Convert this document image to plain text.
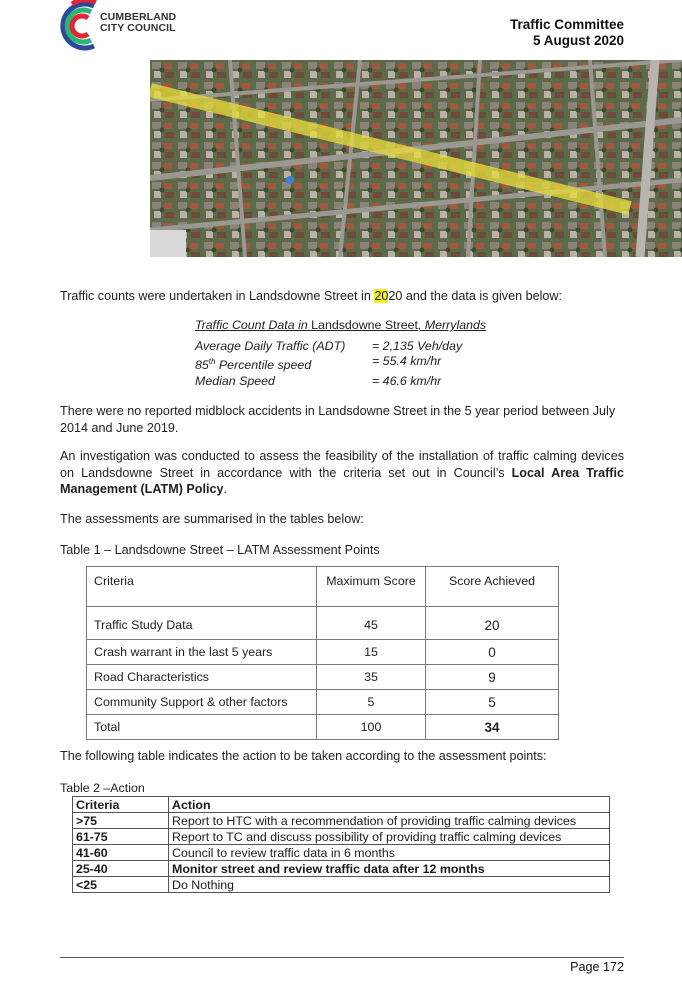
CUMBERLAND
CITY COUNCIL	Traffic Committee
5 August 2020
Traffic counts were undertaken in Landsdowne Street in 2020 and the data is given below:
Traffic Count Data in Landsdowne Street, Merrylands
Average Daily Traffic (ADT)	= 2,135 Veh/day
85th Percentile speed	= 55.4 km/hr
Median Speed	= 46.6 km/hr
There were no reported midblock accidents in Landsdowne Street in the 5 year period between July 2014 and June 2019.
An investigation was conducted to assess the feasibility of the installation of traffic calming devices on Landsdowne Street in accordance with the criteria set out in Council’s Local Area Traffic Management (LATM) Policy.
The assessments are summarised in the tables below:
Table 1 – Landsdowne Street – LATM Assessment Points
Criteria	Maximum Score	Score Achieved
Traffic Study Data	45	20
Crash warrant in the last 5 years	15	0
Road Characteristics	35	9
Community Support & other factors	5	5
Total	100	34
The following table indicates the action to be taken according to the assessment points:
Table 2 –Action
Criteria	Action
>75	Report to HTC with a recommendation of providing traffic calming devices
61-75	Report to TC and discuss possibility of providing traffic calming devices
41-60	Council to review traffic data in 6 months
25-40	Monitor street and review traffic data after 12 months
<25	Do Nothing
Page 172
